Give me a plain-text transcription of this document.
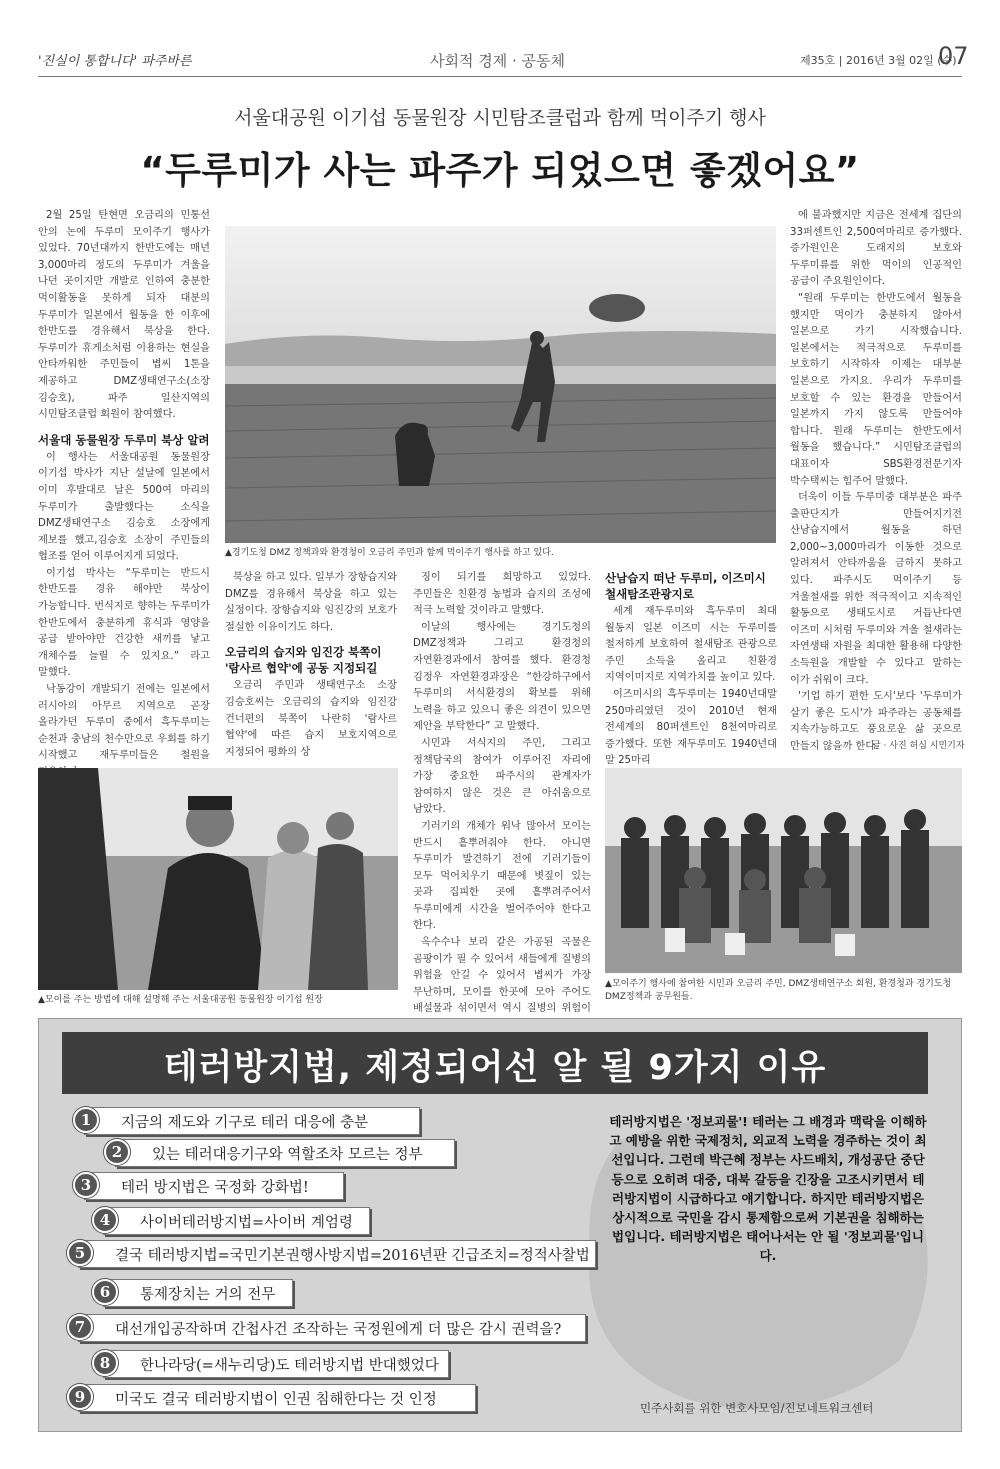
'진실이 통합니다' 파주바른	사회적 경제 · 공동체	제35호 | 2016년 3월 02일 (수)
07
서울대공원 이기섭 동물원장 시민탐조클럽과 함께 먹이주기 행사
“두루미가 사는 파주가 되었으면 좋겠어요”

2월 25일 탄현면 오금리의 민통선 안의 논에 두루미 모이주기 행사가 있었다. 70년대까지 한반도에는 매년 3,000마리 정도의 두루미가 겨울을 나던 곳이지만 개발로 인하여 충분한 먹이활동을 못하게 되자 대분의 두루미가 일본에서 월동을 한 이후에 한반도를 경유해서 북상을 한다. 두루미가 휴게소처럼 이용하는 현실을 안타까워한 주민들이 볍씨 1톤을 제공하고 DMZ생태연구소(소장 김승호), 파주 일산지역의 시민탐조클럽 회원이 참여했다.

서울대 동물원장 두루미 북상 알려

이 행사는 서울대공원 동물원장 이기섭 박사가 지난 설날에 일본에서 이미 후발대로 날은 500여 마리의 두루미가 출발했다는 소식을 DMZ생태연구소 김승호 소장에게 제보를 했고,김승호 소장이 주민들의 협조를 얻어 이루어지게 되었다.

이기섭 박사는 “두루미는 반드시 한반도를 경유 해야만 북상이 가능합니다. 번식지로 향하는 두루미가 한반도에서 충분하게 휴식과 영양을 공급 받아야만 건강한 새끼를 낳고 개체수를 늘릴 수 있지요.” 라고 말했다.

낙동강이 개발되기 전에는 일본에서 러시아의 아무르 지역으로 곧장 올라가던 두루미 중에서 흑두루미는 순천과 충남의 천수만으로 우회를 하기 시작했고 재두루미들은 철원을

▲경기도청 DMZ 정책과와 환경청이 오금리 주민과 함께 먹이주기 행사를 하고 있다.

북상을 하고 있다. 일부가 장항습지와 DMZ를 경유해서 북상을 하고 있는 실정이다. 장항습지와 임진강의 보호가 절실한 이유이기도 하다.

오금리의 습지와 임진강 북쪽이 '람사르 협약'에 공동 지정되길

오금리 주민과 생태연구소 소장 김승호씨는 오금리의 습지와 임진강 건너편의 북쪽이 나란히 '람사르 협약'에 따른 습지 보호지역으로 지정되어 평화의 상

징이 되기를 희망하고 있었다. 주민들은 친환경 농법과 습지의 조성에 적극 노력할 것이라고 말했다.

이날의 행사에는 경기도청의 DMZ정책과 그리고 환경청의 자연환경과에서 참여를 했다. 환경청 김정우 자연환경과장은 “한강하구에서 두루미의 서식환경의 확보를 위해 노력을 하고 있으니 좋은 의견이 있으면 제안을 부탁한다” 고 말했다.

시민과 서식지의 주민, 그리고 정책담국의 참여가 이루어진 자리에 가장 중요한 파주시의 관계자가 참여하지 않은 것은 큰 아쉬움으로 남았다.

기러기의 개체가 워낙 많아서 모이는 반드시 흩뿌려줘야 한다. 아니면 두루미가 발견하기 전에 기러기들이 모두 먹어치우기 때문에 볏짚이 있는 곳과 집피한 곳에 흩뿌려주어서 두루미에게 시간을 벌어주어야 한다고 한다.

옥수수나 보리 같은 가공된 곡물은 곰팡이가 필 수 있어서 새들에게 질병의 위험을 안길 수 있어서 볍씨가 가장 무난하며, 모이를 한곳에 모아 주어도 배설물과 섞이면서 역시 질병의 위험이

산남습지 떠난 두루미, 이즈미시 철새탐조관광지로

세계 재두루미와 흑두루미 최대 월동지 일본 이즈미 시는 두루미를 철저하게 보호하여 철새탐조 관광으로 주민 소득을 올리고 친환경 지역이미지로 지역가치를 높이고 있다.

이즈미시의 흑두루미는 1940년대말 250마리였던 것이 2010년 현재 전세계의 80퍼센트인 8천여마리로 증가했다. 또한 재두루미도 1940년대 말 25마리

에 불과했지만 지금은 전세계 집단의 33퍼센트인 2,500여마리로 증가했다. 증가원인은 도래지의 보호와 두루미류를 위한 먹이의 인공적인 공급이 주요원인이다.

“원래 두루미는 한반도에서 월동을 했지만 먹이가 충분하지 않아서 일본으로 가기 시작했습니다. 일본에서는 적극적으로 두루미를 보호하기 시작하자 이제는 대부분 일본으로 가지요. 우리가 두루미를 보호할 수 있는 환경을 만들어서 일본까지 가지 않도록 만들어야 합니다. 원래 두루미는 한반도에서 월동을 했습니다.” 시민탐조클럽의 대표이자 SBS환경전문기자 박수택씨는 힘주어 말했다.

더욱이 이들 두루미중 대부분은 파주 출판단지가 만들어지기전 산남습지에서 월동을 하던 2,000~3,000마리가 이동한 것으로 알려져서 안타까움을 금하지 못하고 있다. 파주시도 먹이주기 등 겨울철새를 위한 적극적이고 지속적인 활동으로 생태도시로 거듭난다면 이즈미 시처럼 두루미와 겨울 철새라는 자연생태 자원을 최대한 활용해 다양한 소득원을 개발할 수 있다고 말하는 이가 쉬워이 크다.

'기업 하기 편한 도시'보다 '두루미가 살기 좋은 도시'가 파주라는 공동체를 지속가능하고도 풍요로운 삶 곳으로 만들지 않을까 한다.

글 · 사진 허심 시민기자
▲모이를 주는 방법에 대해 설명해 주는 서울대공원 동물원장 이기섭 원장
▲모이주기 행사에 참여한 시민과 오금리 주민, DMZ생태연구소 회원, 환경청과 경기도청 DMZ정책과 공무원들.
테러방지법, 제정되어선 알 될 9가지 이유
1	지금의 제도와 기구로 테러 대응에 충분
2	있는 테러대응기구와 역할조차 모르는 정부
3	테러 방지법은 국정화 강화법!
4	사이버테러방지법=사이버 계엄령
5	결국 테러방지법=국민기본권행사방지법=2016년판 긴급조치=정적사찰법
6	통제장치는 거의 전무
7	대선개입공작하며 간첩사건 조작하는 국정원에게 더 많은 감시 권력을?
8	한나라당(=새누리당)도 테러방지법 반대했었다
9	미국도 결국 테러방지법이 인권 침해한다는 것 인정
테러방지법은 '정보괴물'! 테러는 그 배경과 맥락을 이해하고 예방을 위한 국제정치, 외교적 노력을 경주하는 것이 최선입니다. 그런데 박근혜 정부는 사드배치, 개성공단 중단 등으로 오히려 대중, 대북 갈등을 긴장을 고조시키면서 테러방지법이 시급하다고 얘기합니다. 하지만 테러방지법은 상시적으로 국민을 감시 통제함으로써 기본권을 침해하는 법입니다. 테러방지법은 태어나서는 안 될 '정보괴물'입니다.
민주사회를 위한 변호사모임/진보네트워크센터
